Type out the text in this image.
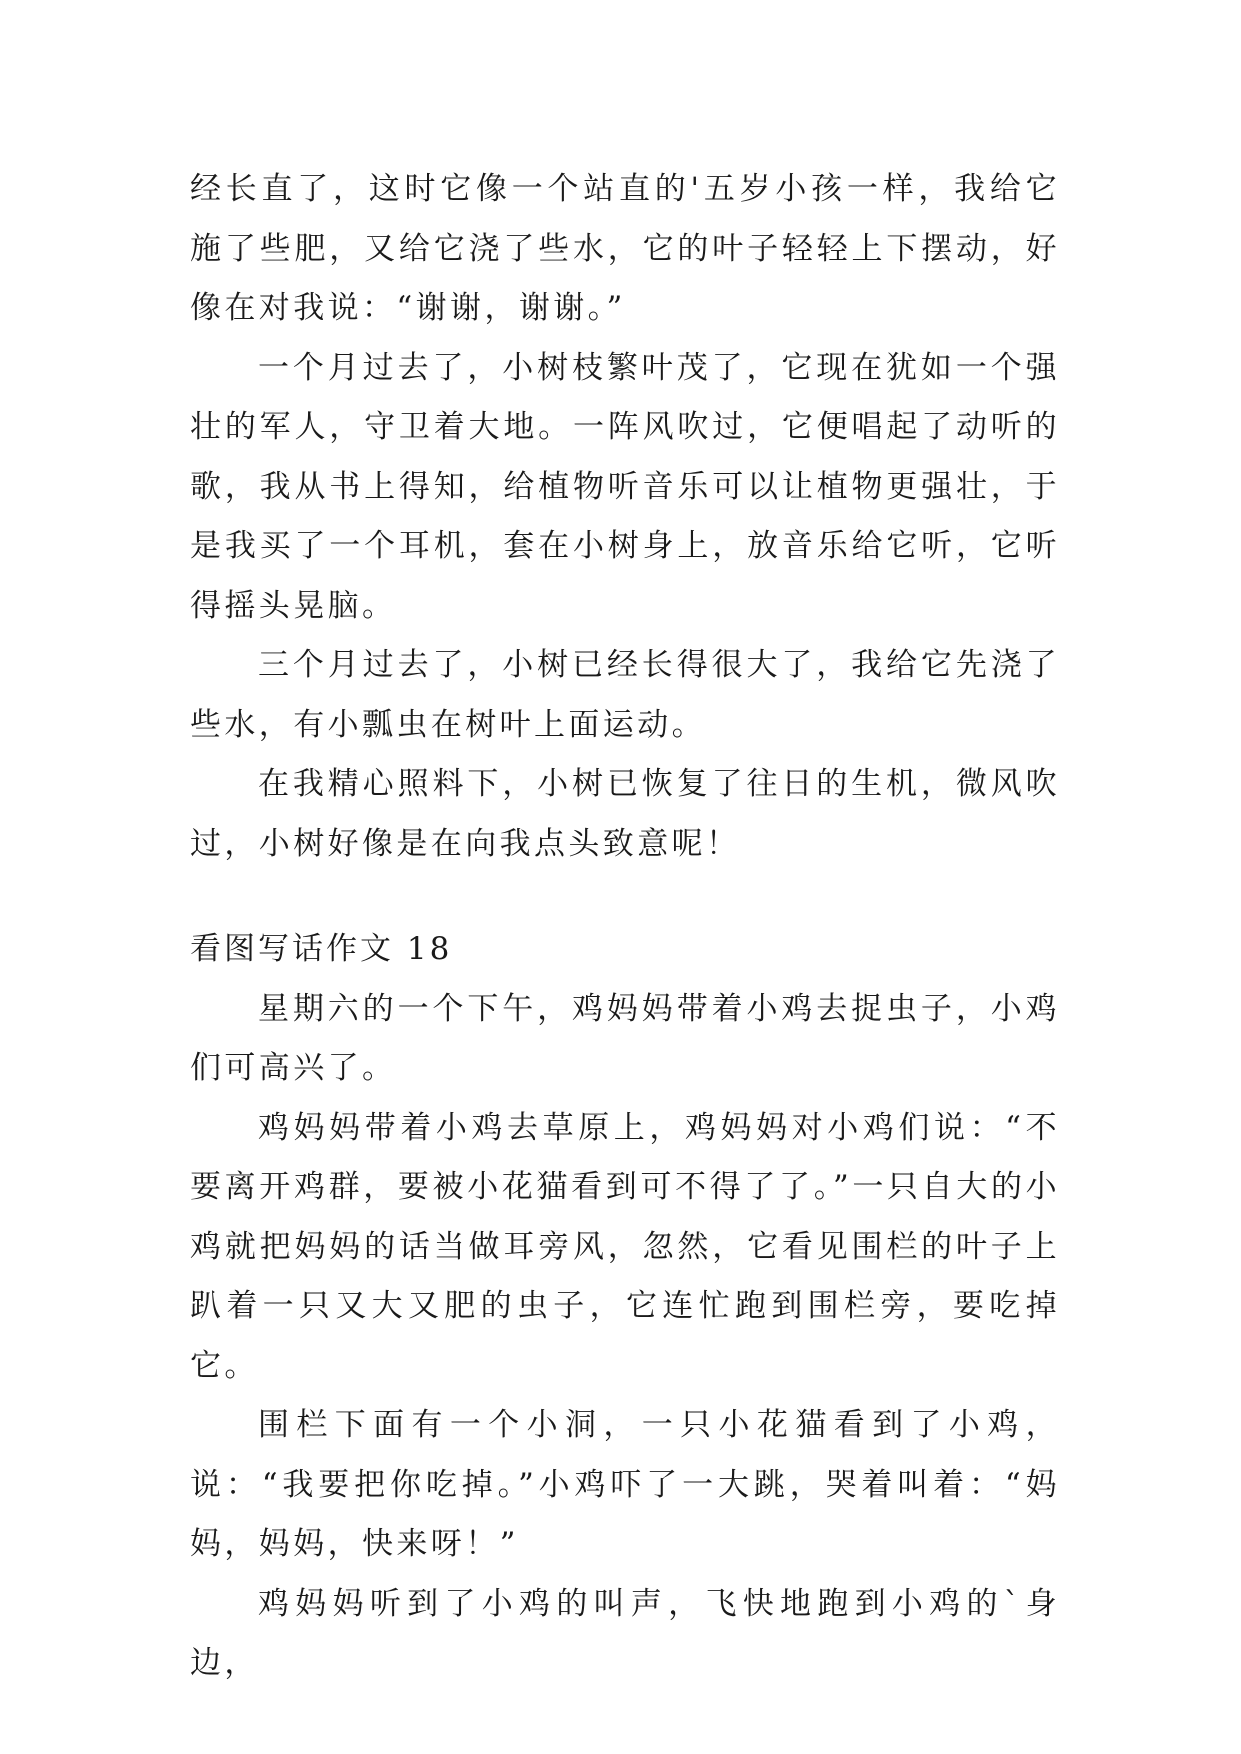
经长直了，这时它像一个站直的'五岁小孩一样，我给它施了些肥，又给它浇了些水，它的叶子轻轻上下摆动，好像在对我说：“谢谢，谢谢。”

一个月过去了，小树枝繁叶茂了，它现在犹如一个强壮的军人，守卫着大地。一阵风吹过，它便唱起了动听的歌，我从书上得知，给植物听音乐可以让植物更强壮，于是我买了一个耳机，套在小树身上，放音乐给它听，它听得摇头晃脑。

三个月过去了，小树已经长得很大了，我给它先浇了些水，有小瓢虫在树叶上面运动。

在我精心照料下，小树已恢复了往日的生机，微风吹过，小树好像是在向我点头致意呢！

看图写话作文 18

星期六的一个下午，鸡妈妈带着小鸡去捉虫子，小鸡们可高兴了。

鸡妈妈带着小鸡去草原上，鸡妈妈对小鸡们说：“不要离开鸡群，要被小花猫看到可不得了了。”一只自大的小鸡就把妈妈的话当做耳旁风，忽然，它看见围栏的叶子上趴着一只又大又肥的虫子，它连忙跑到围栏旁，要吃掉它。

围栏下面有一个小洞，一只小花猫看到了小鸡，说：“我要把你吃掉。”小鸡吓了一大跳，哭着叫着：“妈妈，妈妈，快来呀！”

鸡妈妈听到了小鸡的叫声，飞快地跑到小鸡的`身边，
